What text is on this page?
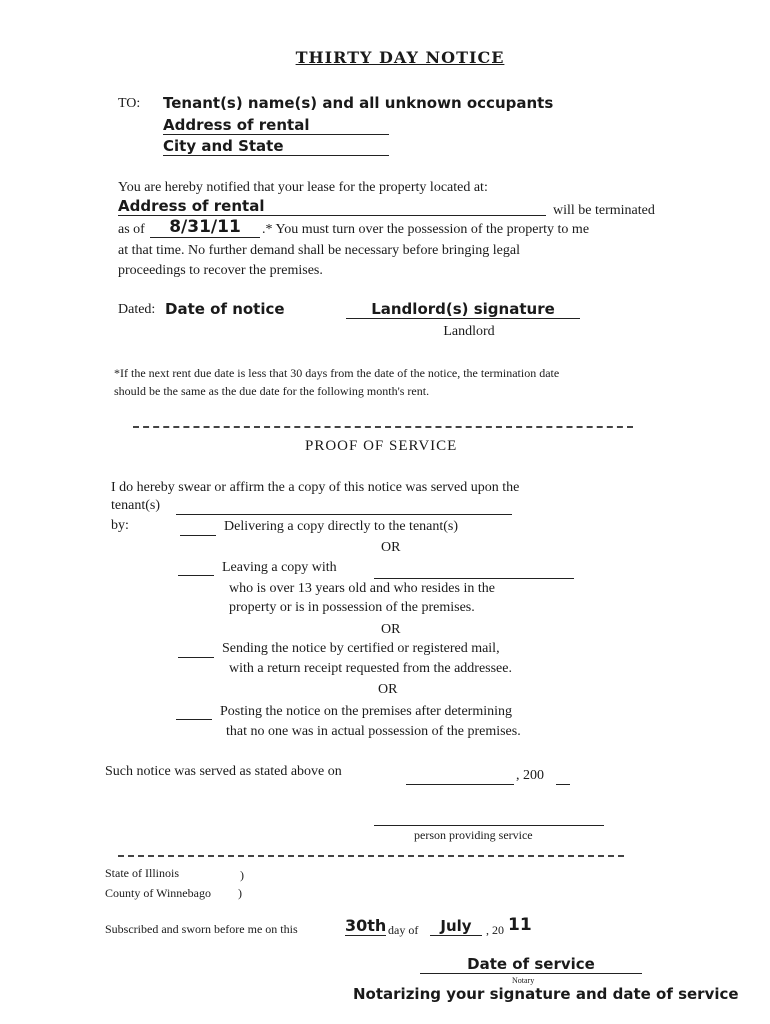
THIRTY DAY NOTICE
TO: Tenant(s) name(s) and all unknown occupants
Address of rental
City and State
You are hereby notified that your lease for the property located at:
Address of rental	will be terminated
as of	8/31/11	.* You must turn over the possession of the property to me
at that time. No further demand shall be necessary before bringing legal
proceedings to recover the premises.
Dated: Date of notice	Landlord(s) signature
Landlord
*If the next rent due date is less that 30 days from the date of the notice, the termination date
should be the same as the due date for the following month's rent.
PROOF OF SERVICE
I do hereby swear or affirm the a copy of this notice was served upon the
tenant(s)
by:	Delivering a copy directly to the tenant(s)
OR
Leaving a copy with
who is over 13 years old and who resides in the
property or is in possession of the premises.
OR
Sending the notice by certified or registered mail,
with a return receipt requested from the addressee.
OR
Posting the notice on the premises after determining
that no one was in actual possession of the premises.
Such notice was served as stated above on	, 200
person providing service
State of Illinois	)
County of Winnebago )
Subscribed and sworn before me on this	30th day of	July	, 20 11
Date of service
Notary
Notarizing your signature and date of service
